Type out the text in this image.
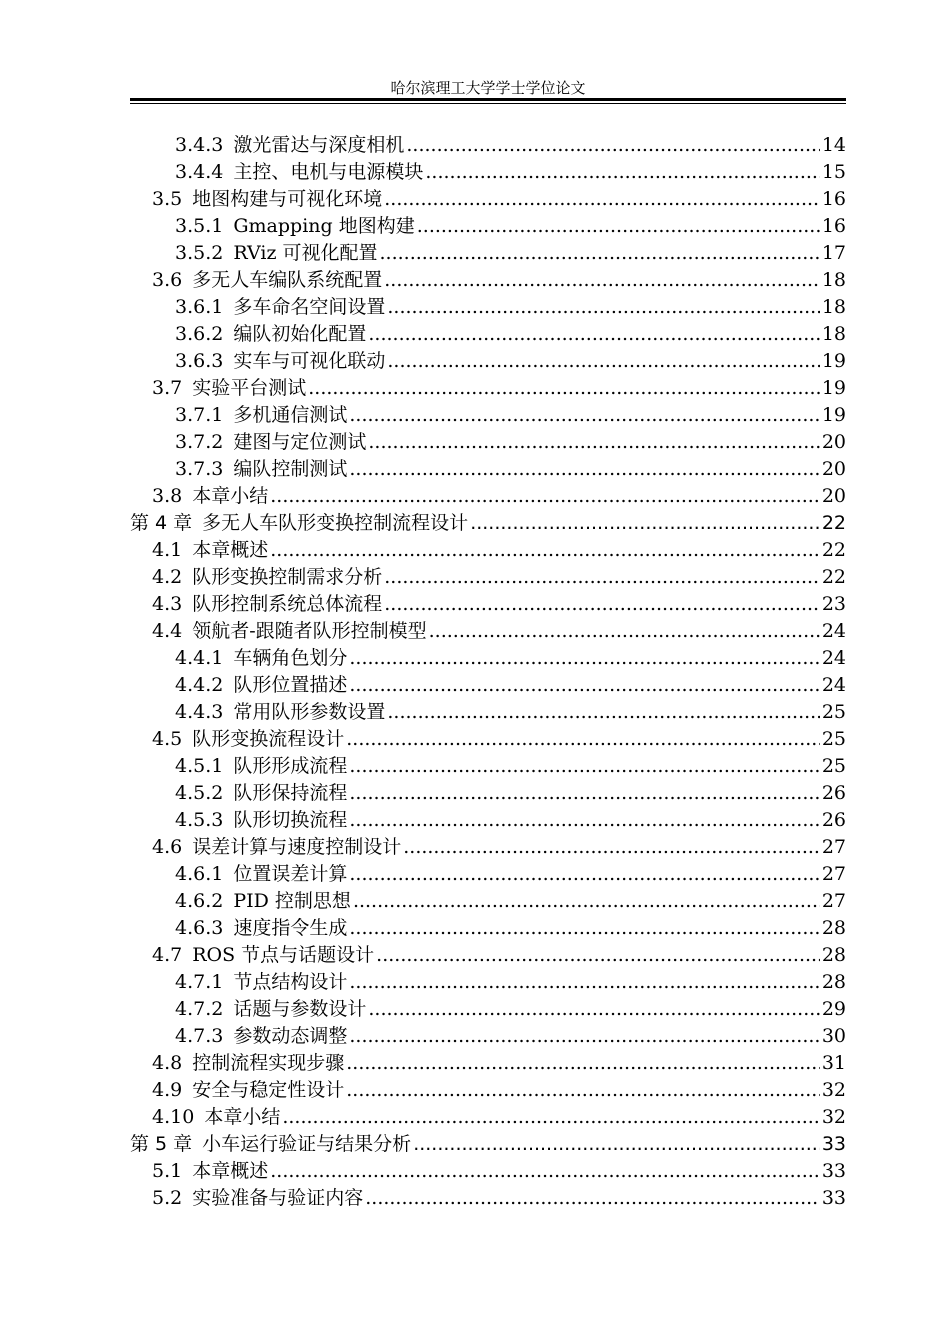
哈尔滨理工大学学士学位论文
3.4.3 激光雷达与深度相机 .....	14
3.4.4 主控、电机与电源模块 .....	15
3.5 地图构建与可视化环境 .....	16
3.5.1 Gmapping 地图构建 .....	16
3.5.2 RViz 可视化配置 .....	17
3.6 多无人车编队系统配置 .....	18
3.6.1 多车命名空间设置 .....	18
3.6.2 编队初始化配置 .....	18
3.6.3 实车与可视化联动 .....	19
3.7 实验平台测试 .....	19
3.7.1 多机通信测试 .....	19
3.7.2 建图与定位测试 .....	20
3.7.3 编队控制测试 .....	20
3.8 本章小结 .....	20
第 4 章 多无人车队形变换控制流程设计 .....	22
4.1 本章概述 .....	22
4.2 队形变换控制需求分析 .....	22
4.3 队形控制系统总体流程 .....	23
4.4 领航者-跟随者队形控制模型 .....	24
4.4.1 车辆角色划分 .....	24
4.4.2 队形位置描述 .....	24
4.4.3 常用队形参数设置 .....	25
4.5 队形变换流程设计 .....	25
4.5.1 队形形成流程 .....	25
4.5.2 队形保持流程 .....	26
4.5.3 队形切换流程 .....	26
4.6 误差计算与速度控制设计 .....	27
4.6.1 位置误差计算 .....	27
4.6.2 PID 控制思想 .....	27
4.6.3 速度指令生成 .....	28
4.7 ROS 节点与话题设计 .....	28
4.7.1 节点结构设计 .....	28
4.7.2 话题与参数设计 .....	29
4.7.3 参数动态调整 .....	30
4.8 控制流程实现步骤 .....	31
4.9 安全与稳定性设计 .....	32
4.10 本章小结 .....	32
第 5 章 小车运行验证与结果分析 .....	33
5.1 本章概述 .....	33
5.2 实验准备与验证内容 .....	33
